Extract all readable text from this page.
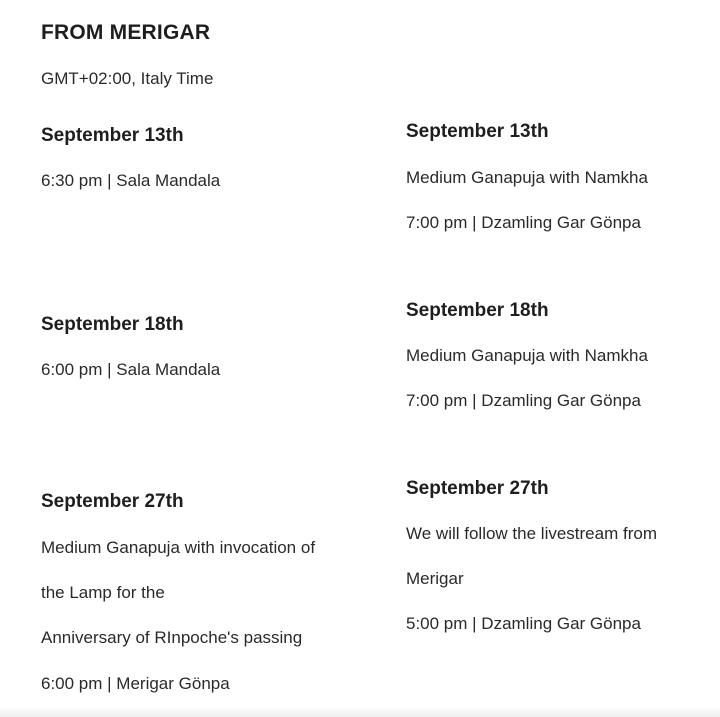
FROM MERIGAR
GMT+02:00, Italy Time
September 13th
6:30 pm | Sala Mandala
September 18th
6:00 pm | Sala Mandala
September 27th
Medium Ganapuja with invocation of
the Lamp for the
Anniversary of RInpoche's passing
6:00 pm | Merigar Gönpa
September 13th
Medium Ganapuja with Namkha
7:00 pm | Dzamling Gar Gönpa
September 18th
Medium Ganapuja with Namkha
7:00 pm | Dzamling Gar Gönpa
September 27th
We will follow the livestream from
Merigar
5:00 pm | Dzamling Gar Gönpa
